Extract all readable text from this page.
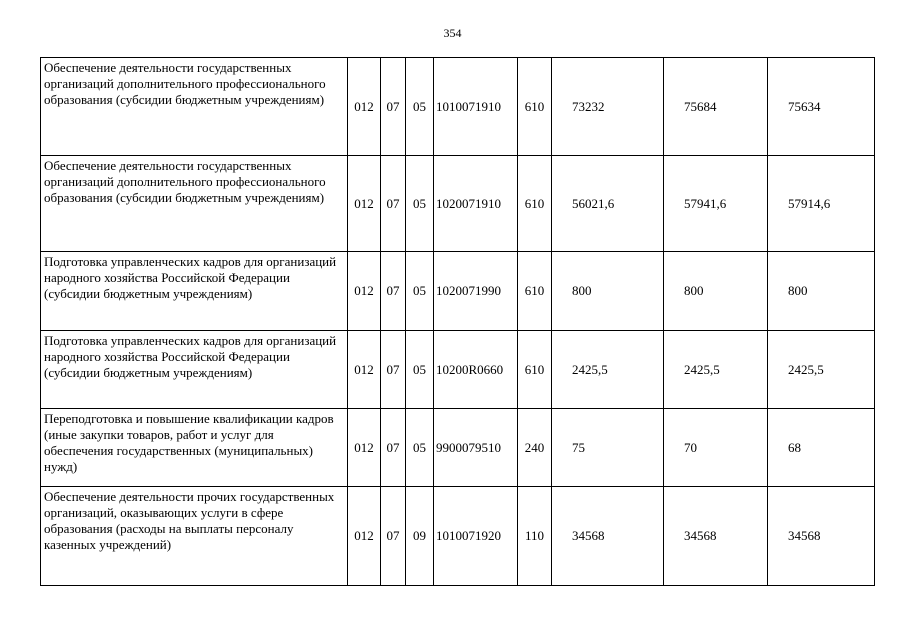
354
Обеспечение деятельности государственных организаций дополнительного профессионального образования (субсидии бюджетным учреждениям)	012	07	05	1010071910	610	73232	75684	75634
Обеспечение деятельности государственных организаций дополнительного профессионального образования (субсидии бюджетным учреждениям)	012	07	05	1020071910	610	56021,6	57941,6	57914,6
Подготовка управленческих кадров для организаций народного хозяйства Российской Федерации (субсидии бюджетным учреждениям)	012	07	05	1020071990	610	800	800	800
Подготовка управленческих кадров для организаций народного хозяйства Российской Федерации (субсидии бюджетным учреждениям)	012	07	05	10200R0660	610	2425,5	2425,5	2425,5
Переподготовка и повышение квалификации кадров (иные закупки товаров, работ и услуг для обеспечения государственных (муниципальных) нужд)	012	07	05	9900079510	240	75	70	68
Обеспечение деятельности прочих государственных организаций, оказывающих услуги в сфере образования (расходы на выплаты персоналу казенных учреждений)	012	07	09	1010071920	110	34568	34568	34568
